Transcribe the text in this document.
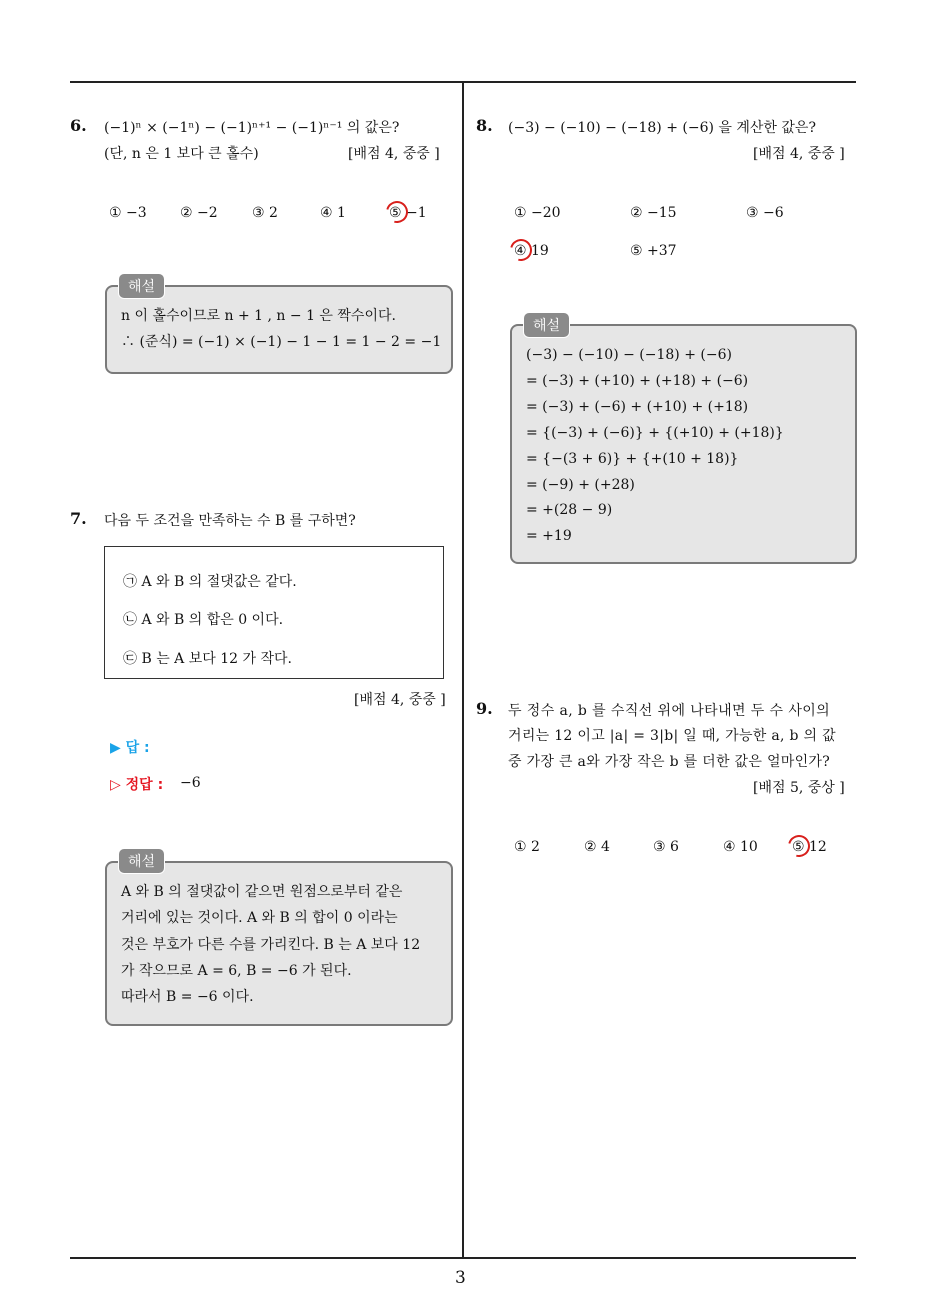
3
6. (−1)ⁿ × (−1ⁿ) − (−1)ⁿ⁺¹ − (−1)ⁿ⁻¹ 의 값은?
(단, n 은 1 보다 큰 홀수)	[배점 4, 중중 ]
① −3 ② −2 ③ 2	④ 1	⑤ −1
n 이 홀수이므로 n + 1 , n − 1 은 짝수이다.
∴ (준식) = (−1) × (−1) − 1 − 1 = 1 − 2 = −1
해설
7. 다음 두 조건을 만족하는 수 B 를 구하면?
㉠ A 와 B 의 절댓값은 같다.
㉡ A 와 B 의 합은 0 이다.
㉢ B 는 A 보다 12 가 작다.
[배점 4, 중중 ]
▶ 답 :
▷ 정답 : −6
A 와 B 의 절댓값이 같으면 원점으로부터 같은
거리에 있는 것이다. A 와 B 의 합이 0 이라는
것은 부호가 다른 수를 가리킨다. B 는 A 보다 12
가 작으므로 A = 6, B = −6 가 된다.
따라서 B = −6 이다.
해설
8. (−3) − (−10) − (−18) + (−6) 을 계산한 값은?
[배점 4, 중중 ]
① −20	② −15	③ −6
④ 19	⑤ +37
(−3) − (−10) − (−18) + (−6)
= (−3) + (+10) + (+18) + (−6)
= (−3) + (−6) + (+10) + (+18)
= {(−3) + (−6)} + {(+10) + (+18)}
= {−(3 + 6)} + {+(10 + 18)}
= (−9) + (+28)
= +(28 − 9)
= +19
해설
9. 두 정수 a, b 를 수직선 위에 나타내면 두 수 사이의
거리는 12 이고 |a| = 3|b| 일 때, 가능한 a, b 의 값
중 가장 큰 a와 가장 작은 b 를 더한 값은 얼마인가?
[배점 5, 중상 ]
① 2	② 4	③ 6	④ 10 ⑤ 12
